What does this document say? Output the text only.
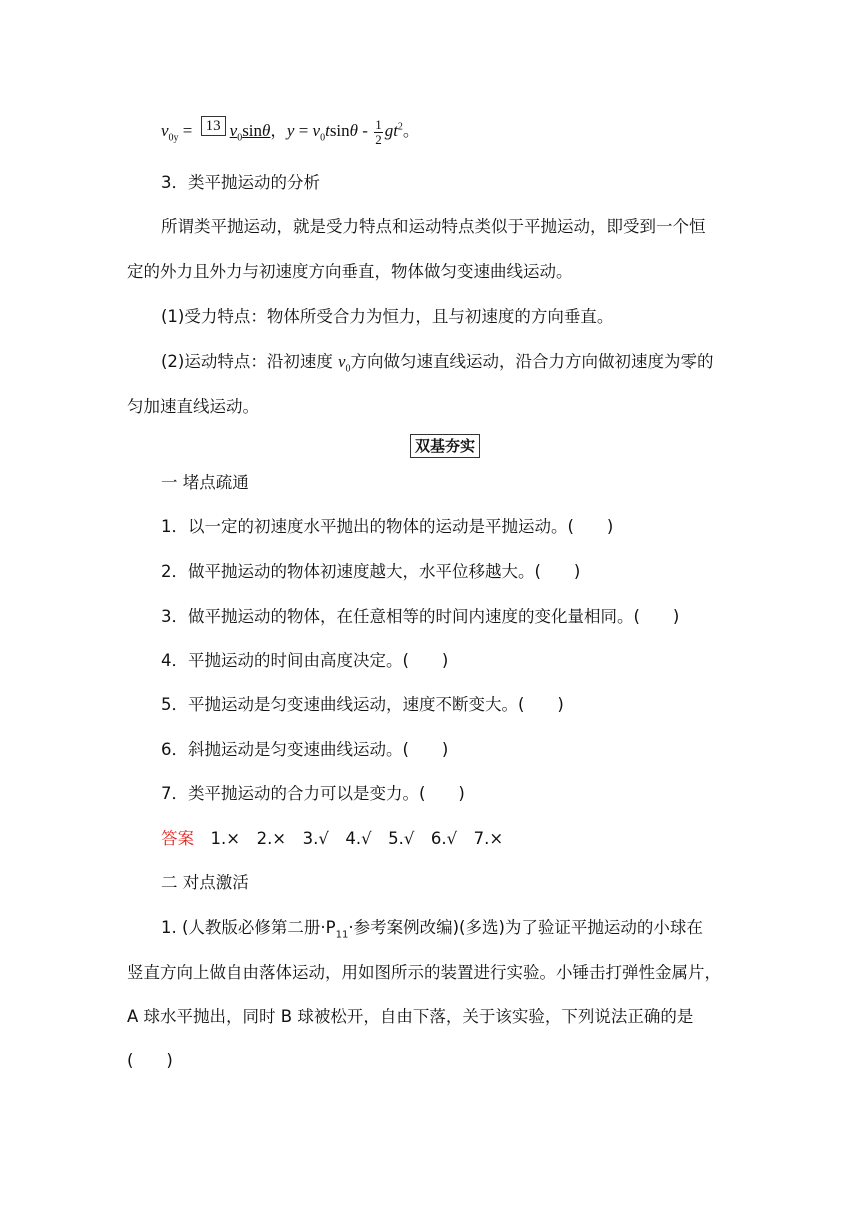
$v_{0y} = 13$ $v_0\sin\theta$，$y = v_0tsin\theta - \frac{1}{2} gt^2$。
3．类平抛运动的分析
所谓类平抛运动，就是受力特点和运动特点类似于平抛运动，即受到一个恒
定的外力且外力与初速度方向垂直，物体做匀变速曲线运动。
(1)受力特点：物体所受合力为恒力，且与初速度的方向垂直。
(2)运动特点：沿初速度 $v_0$方向做匀速直线运动，沿合力方向做初速度为零的
匀加速直线运动。
双基夯实
一 堵点疏通
1．以一定的初速度水平抛出的物体的运动是平抛运动。(　　)
2．做平抛运动的物体初速度越大，水平位移越大。(　　)
3．做平抛运动的物体，在任意相等的时间内速度的变化量相同。(　　)
4．平抛运动的时间由高度决定。(　　)
5．平抛运动是匀变速曲线运动，速度不断变大。(　　)
6．斜抛运动是匀变速曲线运动。(　　)
7．类平抛运动的合力可以是变力。(　　)
答案　1.×　2.×　3.√　4.√　5.√　6.√　7.×
二 对点激活
1. (人教版必修第二册$\cdot P_{11}\cdot$参考案例改编)(多选)为了验证平抛运动的小球在
竖直方向上做自由落体运动，用如图所示的装置进行实验。小锤击打弹性金属片，
A 球水平抛出，同时 B 球被松开，自由下落，关于该实验，下列说法正确的是
(　　)
